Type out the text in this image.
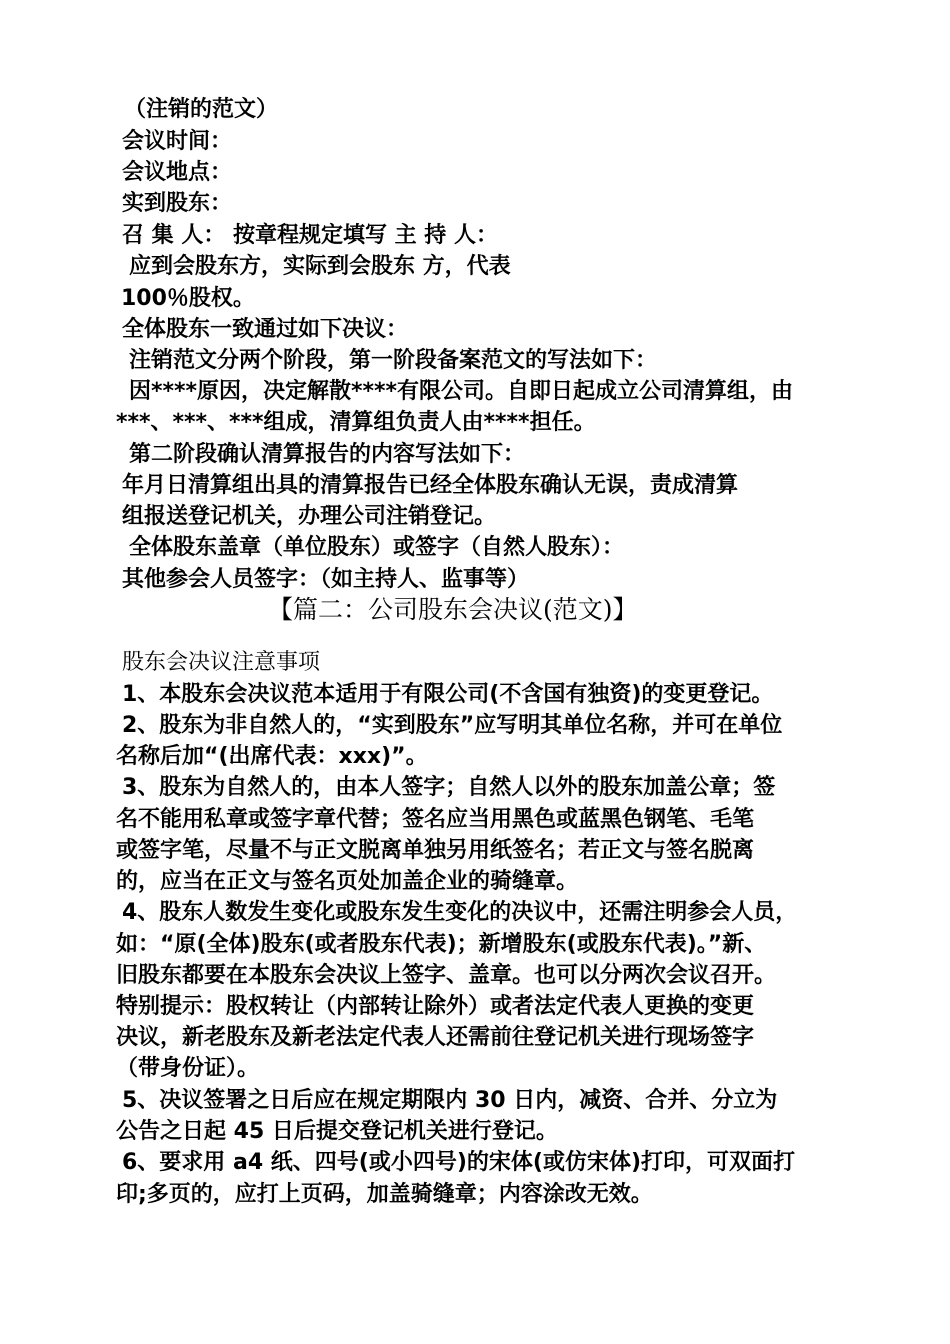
（注销的范文）
会议时间：
会议地点：
实到股东：
召 集 人： 按章程规定填写 主 持 人：
应到会股东方，实际到会股东 方，代表
100％股权。
全体股东一致通过如下决议：
注销范文分两个阶段，第一阶段备案范文的写法如下：
因****原因，决定解散****有限公司。自即日起成立公司清算组，由
***、***、***组成，清算组负责人由****担任。
第二阶段确认清算报告的内容写法如下：
年月日清算组出具的清算报告已经全体股东确认无误，责成清算
组报送登记机关，办理公司注销登记。
全体股东盖章（单位股东）或签字（自然人股东）：
其他参会人员签字：（如主持人、监事等）
【篇二：公司股东会决议(范文)】
股东会决议注意事项
1、本股东会决议范本适用于有限公司(不含国有独资)的变更登记。
2、股东为非自然人的，“实到股东”应写明其单位名称，并可在单位
名称后加“(出席代表：xxx)”。
3、股东为自然人的，由本人签字；自然人以外的股东加盖公章；签
名不能用私章或签字章代替；签名应当用黑色或蓝黑色钢笔、毛笔
或签字笔，尽量不与正文脱离单独另用纸签名；若正文与签名脱离
的，应当在正文与签名页处加盖企业的骑缝章。
4、股东人数发生变化或股东发生变化的决议中，还需注明参会人员，
如：“原(全体)股东(或者股东代表)；新增股东(或股东代表)。”新、
旧股东都要在本股东会决议上签字、盖章。也可以分两次会议召开。
特别提示：股权转让（内部转让除外）或者法定代表人更换的变更
决议，新老股东及新老法定代表人还需前往登记机关进行现场签字
（带身份证）。
5、决议签署之日后应在规定期限内 30 日内，减资、合并、分立为
公告之日起 45 日后提交登记机关进行登记。
6、要求用 a4 纸、四号(或小四号)的宋体(或仿宋体)打印，可双面打
印;多页的，应打上页码，加盖骑缝章；内容涂改无效。
